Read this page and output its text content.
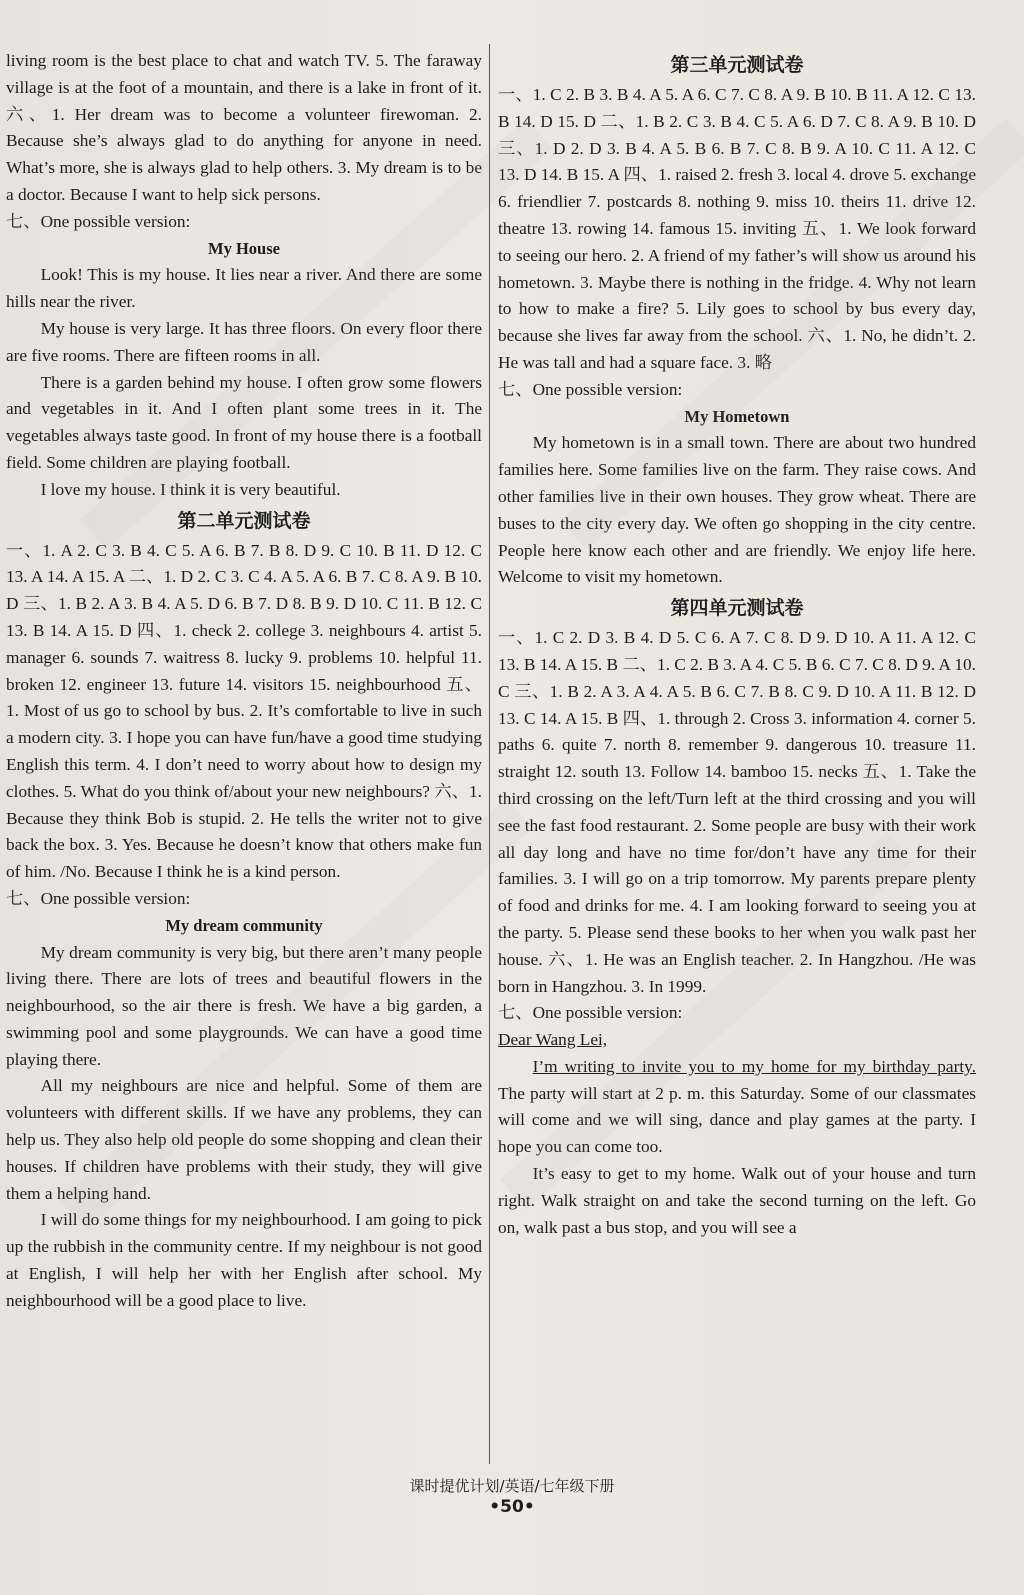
living room is the best place to chat and watch TV. 5. The faraway village is at the foot of a mountain, and there is a lake in front of it. 六、1. Her dream was to become a volunteer firewoman. 2. Because she’s always glad to do anything for anyone in need. What’s more, she is always glad to help others. 3. My dream is to be a doctor. Because I want to help sick persons.

七、One possible version:

My House

Look! This is my house. It lies near a river. And there are some hills near the river.

My house is very large. It has three floors. On every floor there are five rooms. There are fifteen rooms in all.

There is a garden behind my house. I often grow some flowers and vegetables in it. And I often plant some trees in it. The vegetables always taste good. In front of my house there is a football field. Some children are playing football.

I love my house. I think it is very beautiful.

第二单元测试卷

一、1. A 2. C 3. B 4. C 5. A 6. B 7. B 8. D 9. C 10. B 11. D 12. C 13. A 14. A 15. A 二、1. D 2. C 3. C 4. A 5. A 6. B 7. C 8. A 9. B 10. D 三、1. B 2. A 3. B 4. A 5. D 6. B 7. D 8. B 9. D 10. C 11. B 12. C 13. B 14. A 15. D 四、1. check 2. college 3. neighbours 4. artist 5. manager 6. sounds 7. waitress 8. lucky 9. problems 10. helpful 11. broken 12. engineer 13. future 14. visitors 15. neighbourhood 五、1. Most of us go to school by bus. 2. It’s comfortable to live in such a modern city. 3. I hope you can have fun/have a good time studying English this term. 4. I don’t need to worry about how to design my clothes. 5. What do you think of/about your new neighbours? 六、1. Because they think Bob is stupid. 2. He tells the writer not to give back the box. 3. Yes. Because he doesn’t know that others make fun of him. /No. Because I think he is a kind person.

七、One possible version:

My dream community

My dream community is very big, but there aren’t many people living there. There are lots of trees and beautiful flowers in the neighbourhood, so the air there is fresh. We have a big garden, a swimming pool and some playgrounds. We can have a good time playing there.

All my neighbours are nice and helpful. Some of them are volunteers with different skills. If we have any problems, they can help us. They also help old people do some shopping and clean their houses. If children have problems with their study, they will give them a helping hand.

I will do some things for my neighbourhood. I am going to pick up the rubbish in the community centre. If my neighbour is not good at English, I will help her with her English after school. My neighbourhood will be a good place to live.

第三单元测试卷

一、1. C 2. B 3. B 4. A 5. A 6. C 7. C 8. A 9. B 10. B 11. A 12. C 13. B 14. D 15. D 二、1. B 2. C 3. B 4. C 5. A 6. D 7. C 8. A 9. B 10. D 三、1. D 2. D 3. B 4. A 5. B 6. B 7. C 8. B 9. A 10. C 11. A 12. C 13. D 14. B 15. A 四、1. raised 2. fresh 3. local 4. drove 5. exchange 6. friendlier 7. postcards 8. nothing 9. miss 10. theirs 11. drive 12. theatre 13. rowing 14. famous 15. inviting 五、1. We look forward to seeing our hero. 2. A friend of my father’s will show us around his hometown. 3. Maybe there is nothing in the fridge. 4. Why not learn to how to make a fire? 5. Lily goes to school by bus every day, because she lives far away from the school. 六、1. No, he didn’t. 2. He was tall and had a square face. 3. 略

七、One possible version:

My Hometown

My hometown is in a small town. There are about two hundred families here. Some families live on the farm. They raise cows. And other families live in their own houses. They grow wheat. There are buses to the city every day. We often go shopping in the city centre. People here know each other and are friendly. We enjoy life here. Welcome to visit my hometown.

第四单元测试卷

一、1. C 2. D 3. B 4. D 5. C 6. A 7. C 8. D 9. D 10. A 11. A 12. C 13. B 14. A 15. B 二、1. C 2. B 3. A 4. C 5. B 6. C 7. C 8. D 9. A 10. C 三、1. B 2. A 3. A 4. A 5. B 6. C 7. B 8. C 9. D 10. A 11. B 12. D 13. C 14. A 15. B 四、1. through 2. Cross 3. information 4. corner 5. paths 6. quite 7. north 8. remember 9. dangerous 10. treasure 11. straight 12. south 13. Follow 14. bamboo 15. necks 五、1. Take the third crossing on the left/Turn left at the third crossing and you will see the fast food restaurant. 2. Some people are busy with their work all day long and have no time for/don’t have any time for their families. 3. I will go on a trip tomorrow. My parents prepare plenty of food and drinks for me. 4. I am looking forward to seeing you at the party. 5. Please send these books to her when you walk past her house. 六、1. He was an English teacher. 2. In Hangzhou. /He was born in Hangzhou. 3. In 1999.

七、One possible version:

Dear Wang Lei,

I’m writing to invite you to my home for my birthday party. The party will start at 2 p. m. this Saturday. Some of our classmates will come and we will sing, dance and play games at the party. I hope you can come too.

It’s easy to get to my home. Walk out of your house and turn right. Walk straight on and take the second turning on the left. Go on, walk past a bus stop, and you will see a

课时提优计划/英语/七年级下册
•50•
